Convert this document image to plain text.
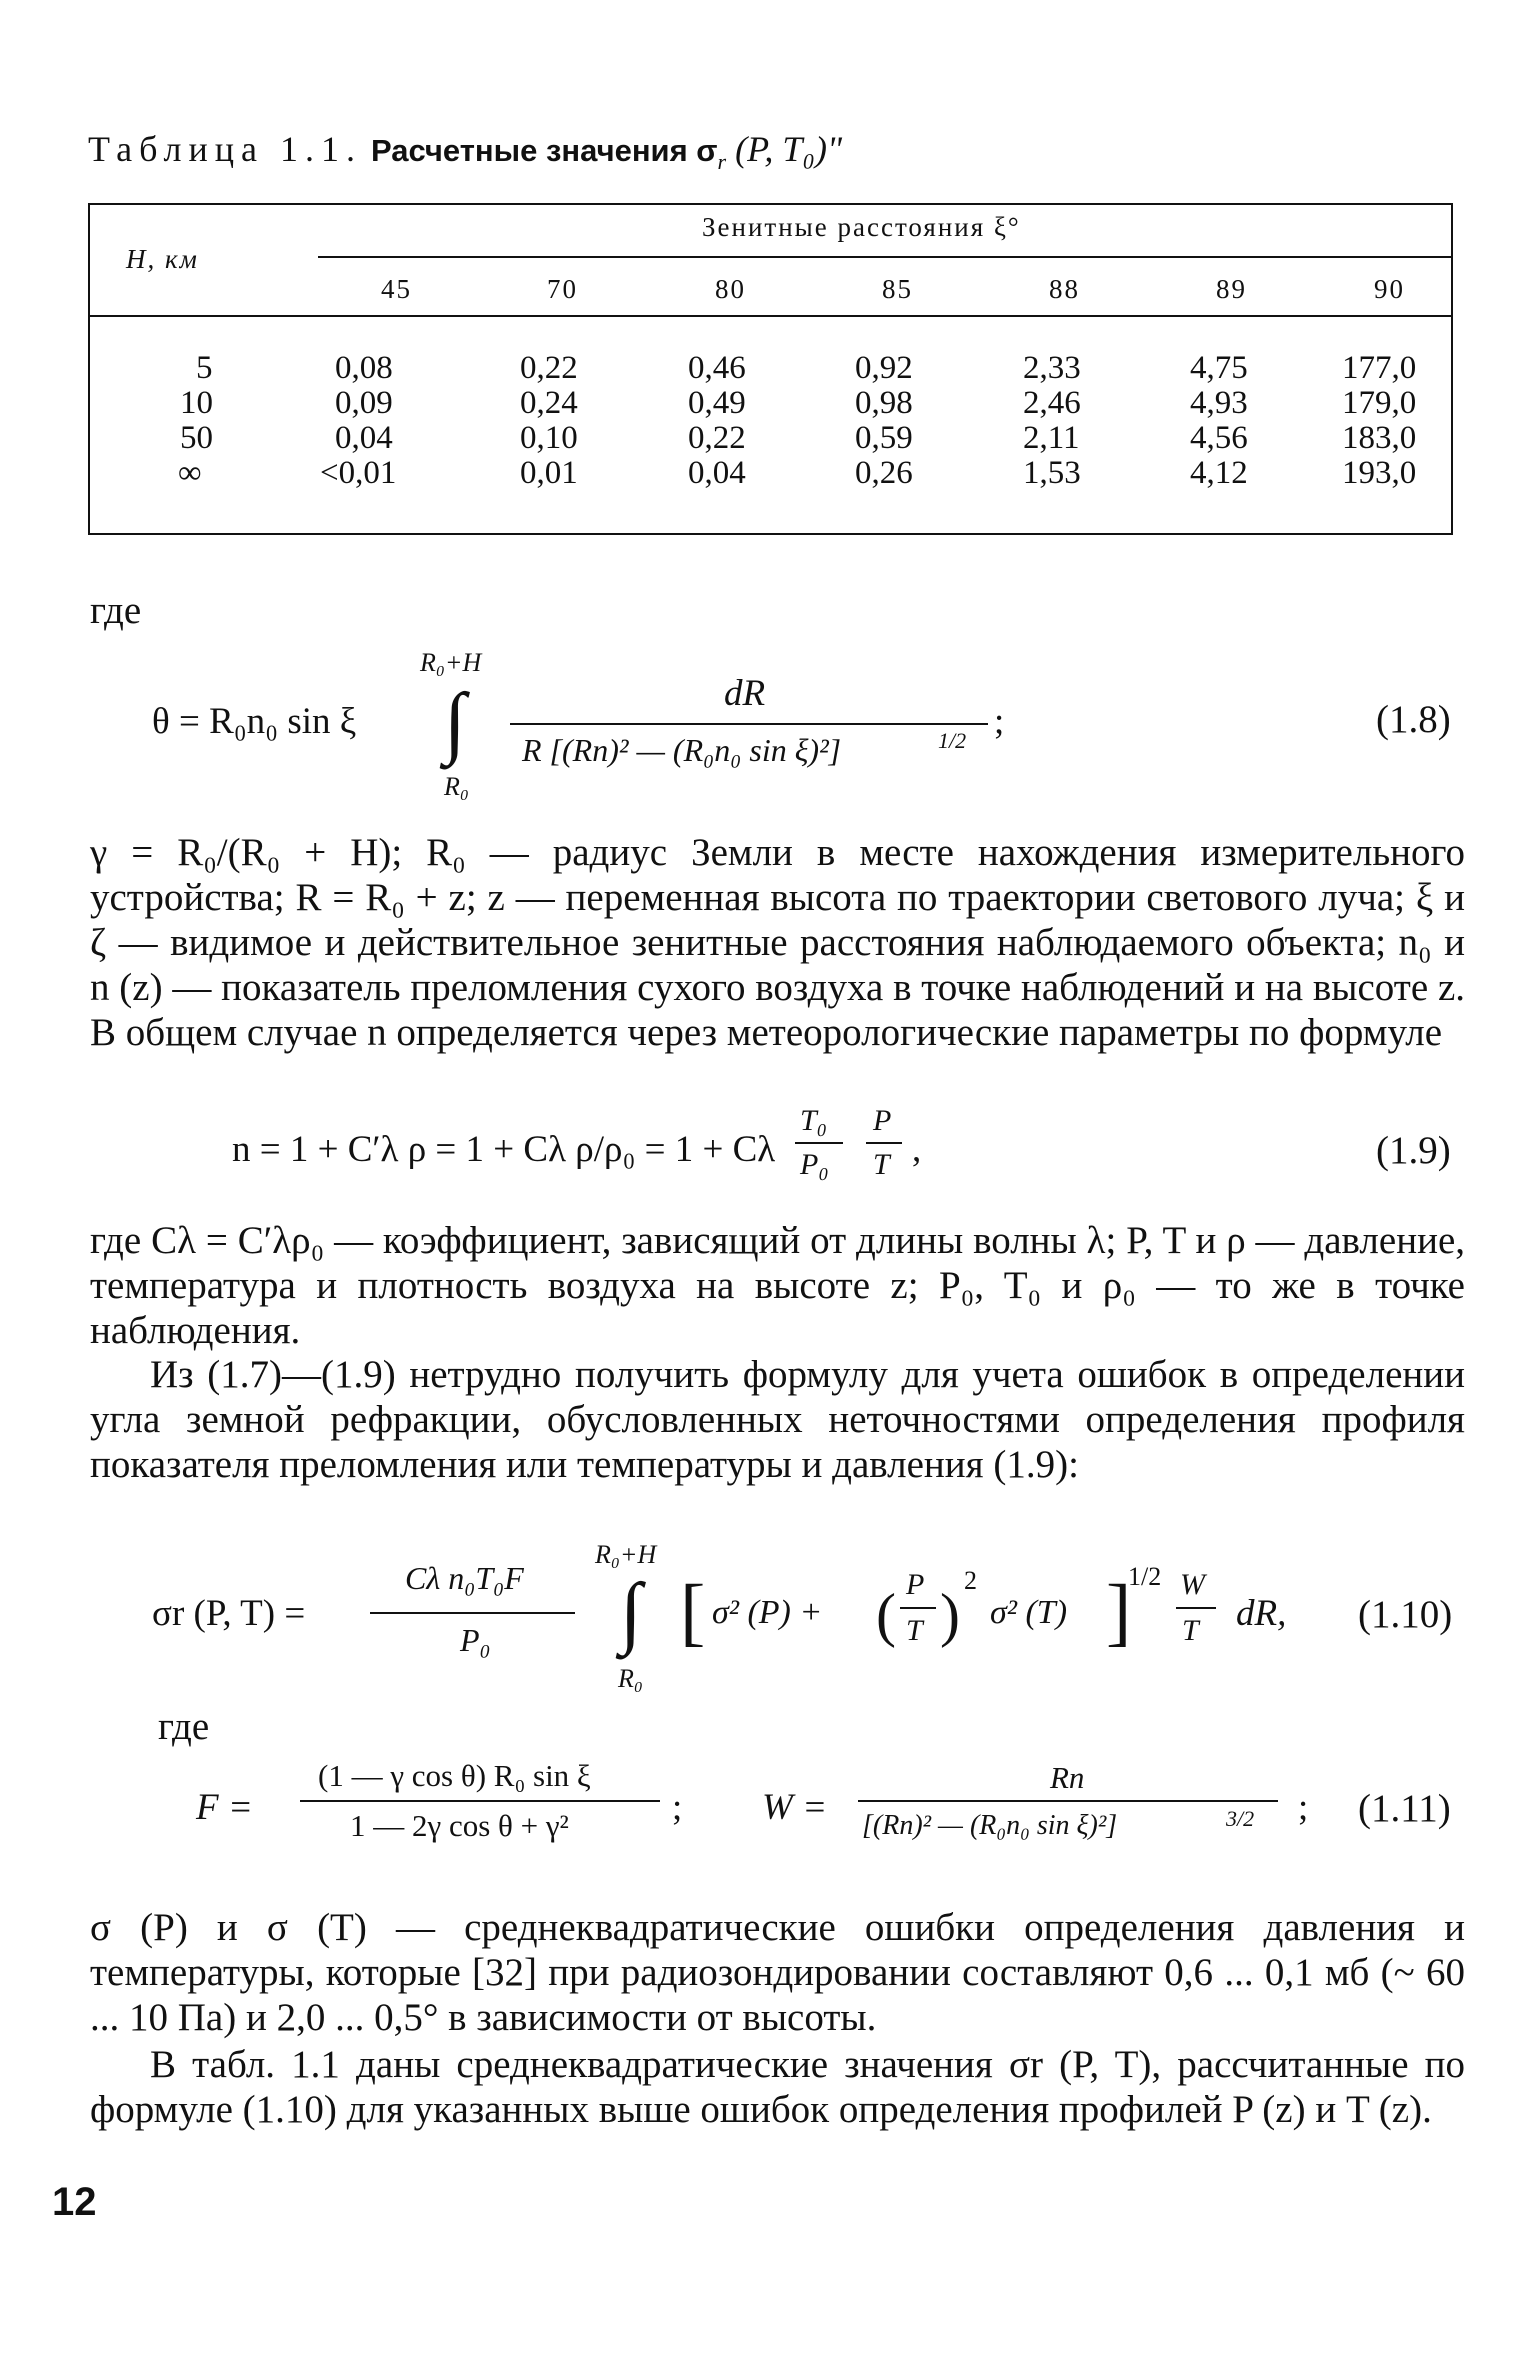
Таблица 1.1. Расчетные значения $\sigma_r$ (P, T₀)"
Зенитные расстояния ξ°
H, км
45	70	80	85	88	89	90
5	0,08	0,22	0,46	0,92	2,33	4,75	177,0
10	0,09	0,24	0,49	0,98	2,46	4,93	179,0
50	0,04	0,10	0,22	0,59	2,11	4,56	183,0
∞	<0,01	0,01	0,04	0,26	1,53	4,12	193,0
где
θ = R₀n₀ sin ξ
R₀+H
∫
R₀
dR
R [(Rn)² — (R₀n₀ sin ξ)²]	1/2 ;	(1.8)
γ = R₀/(R₀ + H); R₀ — радиус Земли в месте нахождения измерительного устройства; R = R₀ + z; z — переменная высота по траектории светового луча; ξ и ζ — видимое и действительное зенитные расстояния наблюдаемого объекта; n₀ и n (z) — показатель преломления сухого воздуха в точке наблюдений и на высоте z. В общем случае n определяется через метеорологические параметры по формуле
n = 1 + C′λ ρ = 1 + Cλ ρ/ρ₀ = 1 + Cλ
T₀
P₀
P
T ,	(1.9)
где Cλ = C′λρ₀ — коэффициент, зависящий от длины волны λ; P, T и ρ — давление, температура и плотность воздуха на высоте z; P₀, T₀ и ρ₀ — то же в точке наблюдения.
Из (1.7)—(1.9) нетрудно получить формулу для учета ошибок в определении угла земной рефракции, обусловленных неточностями определения профиля показателя преломления или температуры и давления (1.9):
σr (P, T) =
Cλ n₀T₀F
P₀
R₀+H
∫
R₀
[ σ² (P) + ( P
T )
2
σ² (T) ]
1/2 W
T dR, (1.10)
где
F =
(1 — γ cos θ) R₀ sin ξ
1 — 2γ cos θ + γ²	; W =
Rn
[(Rn)² — (R₀n₀ sin ξ)²]	3/2 ; (1.11)
σ (P) и σ (T) — среднеквадратические ошибки определения давления и температуры, которые [32] при радиозондировании составляют 0,6 ... 0,1 мб (~ 60 ... 10 Па) и 2,0 ... 0,5° в зависимости от высоты.
В табл. 1.1 даны среднеквадратические значения σr (P, T), рассчитанные по формуле (1.10) для указанных выше ошибок определения профилей P (z) и T (z).
12
